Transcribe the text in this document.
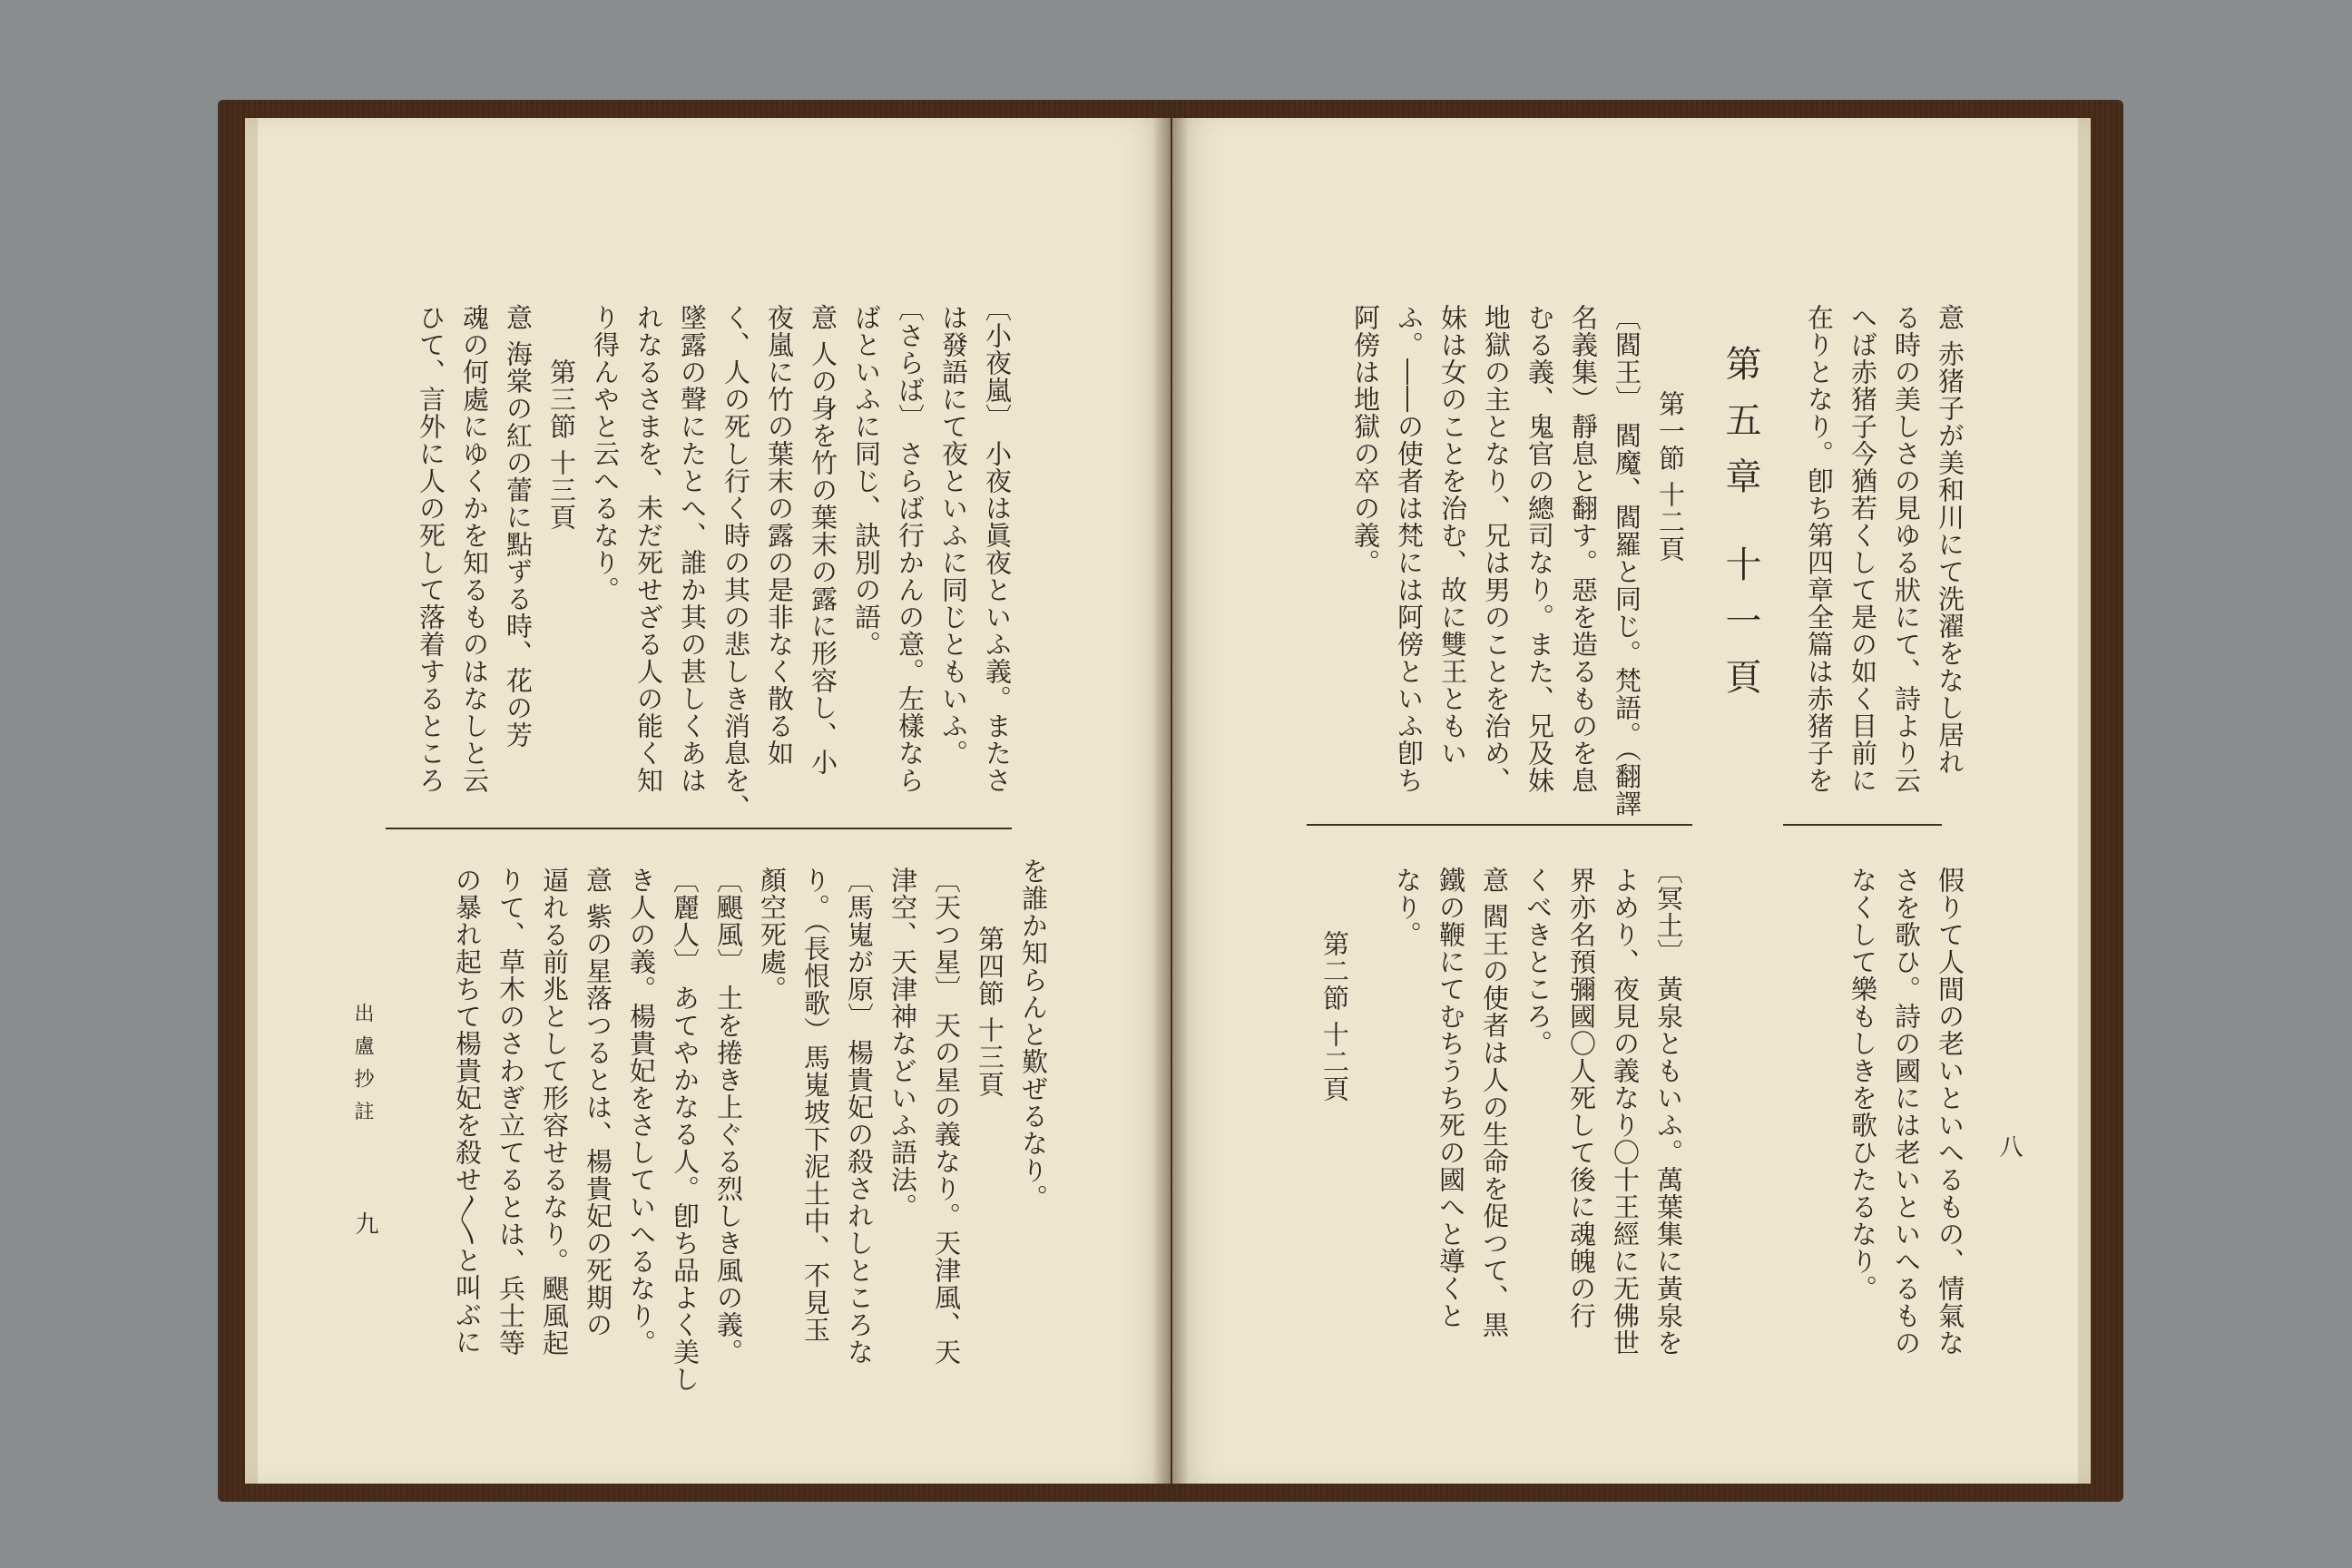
〔小夜嵐〕 小夜は眞夜といふ義。またさ
は發語にて夜といふに同じともいふ。
〔さらば〕 さらば行かんの意。左樣なら
ばといふに同じ、訣別の語。
意 人の身を竹の葉末の露に形容し、小
夜嵐に竹の葉末の露の是非なく散る如
く、人の死し行く時の其の悲しき消息を、
墜露の聲にたとへ、誰か其の甚しくあは
れなるさまを、未だ死せざる人の能く知
り得んやと云へるなり。
第三節 十三頁
意 海棠の紅の蕾に點ずる時、花の芳
魂の何處にゆくかを知るものはなしと云
ひて、言外に人の死して落着するところ
を誰か知らんと歎ぜるなり。
第四節 十三頁
〔天つ星〕 天の星の義なり。天津風、天
津空、天津神などいふ語法。
〔馬嵬が原〕 楊貴妃の殺されしところな
り。（長恨歌）馬嵬坡下泥土中、不見玉
顏空死處。
〔颶風〕 土を捲き上ぐる烈しき風の義。
〔麗人〕 あてやかなる人。卽ち品よく美し
き人の義。楊貴妃をさしていへるなり。
意 紫の星落つるとは、楊貴妃の死期の
逼れる前兆として形容せるなり。颶風起
りて、草木のさわぎ立てるとは、兵士等
の暴れ起ちて楊貴妃を殺せ〱と叫ぶに
出盧抄註
九
八
意 赤猪子が美和川にて洗濯をなし居れ
る時の美しさの見ゆる狀にて、詩より云
へば赤猪子今猶若くして是の如く目前に
在りとなり。卽ち第四章全篇は赤猪子を
第五章 十一頁
第一節 十二頁
〔閻王〕 閻魔、閻羅と同じ。梵語。（翻譯
名義集）靜息と翻す。惡を造るものを息
むる義、鬼官の總司なり。また、兄及妹
地獄の主となり、兄は男のことを治め、
妹は女のことを治む、故に雙王ともい
ふ。――の使者は梵には阿傍といふ卽ち
阿傍は地獄の卒の義。
假りて人間の老いといへるもの、情氣な
さを歌ひ。詩の國には老いといへるもの
なくして樂もしきを歌ひたるなり。
〔冥土〕 黃泉ともいふ。萬葉集に黃泉を
よめり、夜見の義なり〇十王經に无佛世
界亦名預彌國〇人死して後に魂魄の行
くべきところ。
意 閻王の使者は人の生命を促つて、黒
鐵の鞭にてむちうち死の國へと導くと
なり。
第二節 十二頁
